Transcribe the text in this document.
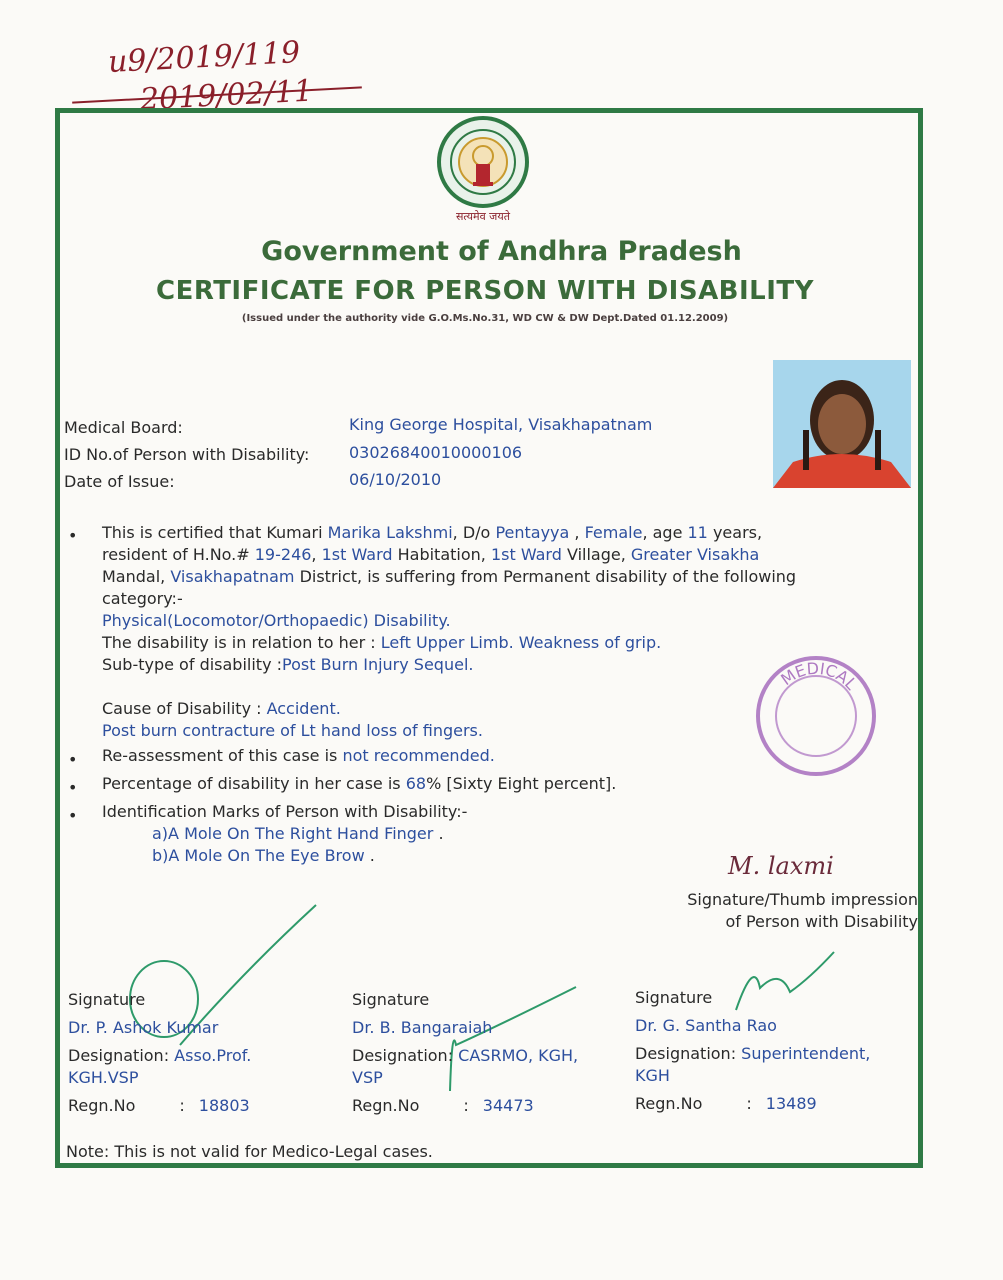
u9/2019/119
2019/02/11
सत्यमेव जयते
Government of Andhra Pradesh
CERTIFICATE FOR PERSON WITH DISABILITY
(Issued under the authority vide G.O.Ms.No.31, WD CW & DW Dept.Dated 01.12.2009)
Medical Board:	King George Hospital, Visakhapatnam
ID No.of Person with Disability: 03026840010000106
Date of Issue:	06/10/2010
• This is certified that Kumari Marika Lakshmi, D/o Pentayya , Female, age 11 years,
resident of H.No.# 19-246, 1st Ward Habitation, 1st Ward Village, Greater Visakha
Mandal, Visakhapatnam District, is suffering from Permanent disability of the following
category:-
Physical(Locomotor/Orthopaedic) Disability.
The disability is in relation to her : Left Upper Limb. Weakness of grip.
Sub-type of disability :Post Burn Injury Sequel.
Cause of Disability : Accident.
Post burn contracture of Lt hand loss of fingers.
• Re-assessment of this case is not recommended.
• Percentage of disability in her case is 68% [Sixty Eight percent].
• Identification Marks of Person with Disability:-
a)A Mole On The Right Hand Finger .
b)A Mole On The Eye Brow .
MEDICAL
M. laxmi
Signature/Thumb impression
of Person with Disability
Signature
Dr. P. Ashok Kumar
Designation: Asso.Prof.
KGH.VSP
Regn.No	: 18803
Signature
Dr. B. Bangaraiah
Designation: CASRMO, KGH,
VSP
Regn.No	: 34473
Signature
Dr. G. Santha Rao
Designation: Superintendent,
KGH
Regn.No	: 13489
Note: This is not valid for Medico-Legal cases.
